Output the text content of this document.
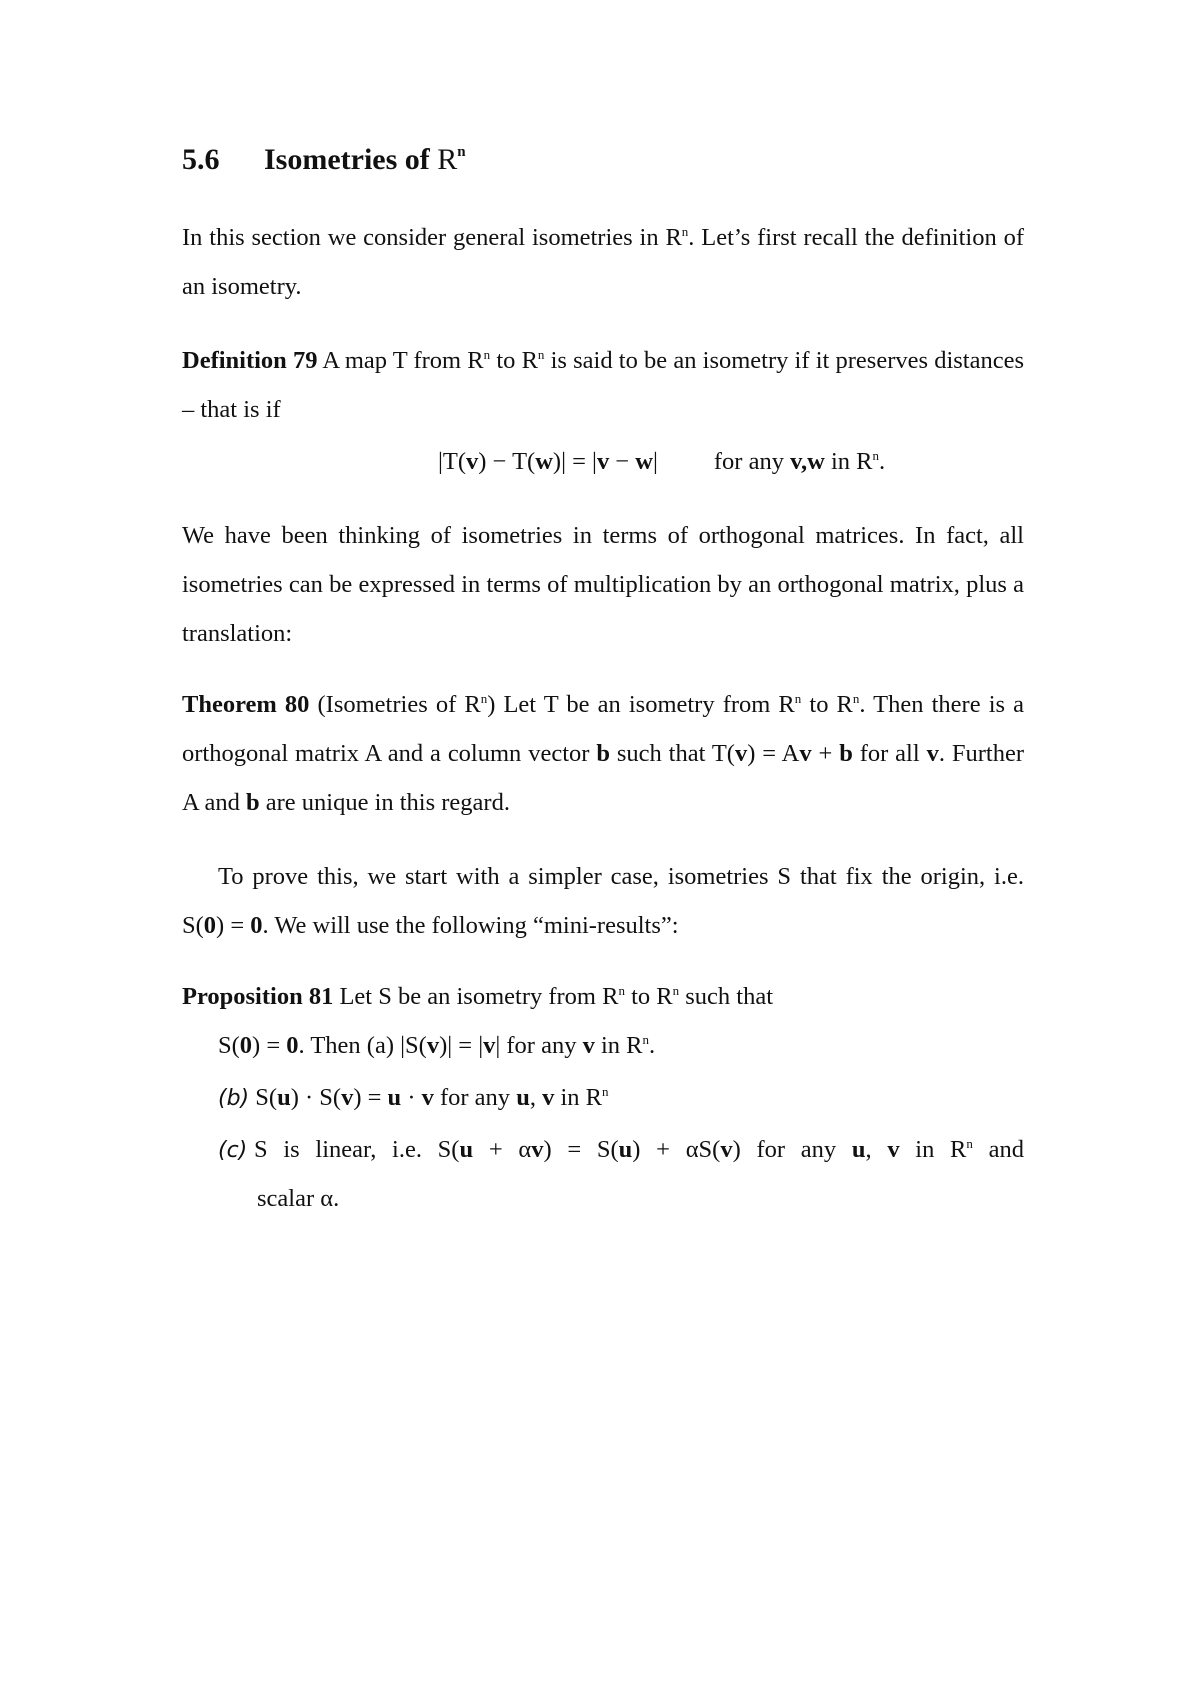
5.6 Isometries of $R^n$
In this section we consider general isometries in $R^n$. Let’s first recall the definition of an isometry.
Definition 79 A map T from $R^n$ to $R^n$ is said to be an isometry if it preserves distances – that is if
|T(v) − T(w)| = |v − w| for any v,w in $R^n$.
We have been thinking of isometries in terms of orthogonal matrices. In fact, all isometries can be expressed in terms of multiplication by an orthogonal matrix, plus a translation:
Theorem 80 (Isometries of $R^n$) Let T be an isometry from $R^n$ to $R^n$. Then there is a orthogonal matrix A and a column vector b such that T(v) = Av + b for all v. Further A and b are unique in this regard.
To prove this, we start with a simpler case, isometries S that fix the origin, i.e. S(0) = 0. We will use the following “mini-results”:
Proposition 81 Let S be an isometry from $R^n$ to $R^n$ such that
S(0) = 0. Then (a) |S(v)| = |v| for any v in $R^n$.
(b) S(u) · S(v) = u · v for any u, v in $R^n$
(c) S is linear, i.e. S(u + αv) = S(u) + αS(v) for any u, v in $R^n$ and
scalar α.
